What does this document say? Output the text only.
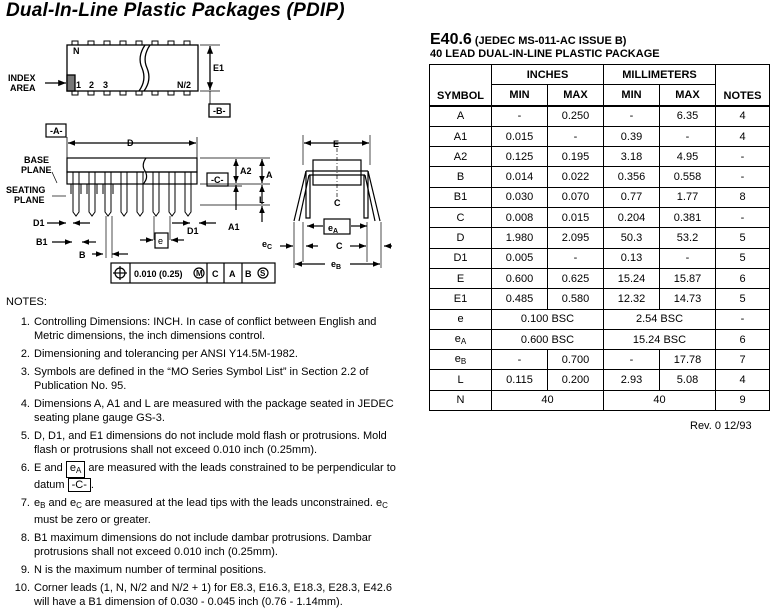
Dual-In-Line Plastic Packages (PDIP)
N
1 2 3	N/2
INDEX
AREA
E1
-B-
-A-
D
BASE
PLANE
SEATING
PLANE
-C-
A2 A
L
A1
D1
D1
B1
B
e
0.010 (0.25) M C A B S
E
C
$e_A$
$e_C$	C
$e_B$
NOTES:
1. Controlling Dimensions: INCH. In case of conflict between English and Metric dimensions, the inch dimensions control.
2. Dimensioning and tolerancing per ANSI Y14.5M-1982.
3. Symbols are defined in the “MO Series Symbol List” in Section 2.2 of Publication No. 95.
4. Dimensions A, A1 and L are measured with the package seated in JEDEC seating plane gauge GS-3.
5. D, D1, and E1 dimensions do not include mold flash or protrusions. Mold flash or protrusions shall not exceed 0.010 inch (0.25mm).
6. E and $e_A$ are measured with the leads constrained to be perpendicular to datum -C- .
7. $e_B$ and $e_C$ are measured at the lead tips with the leads unconstrained. $e_C$ must be zero or greater.
8. B1 maximum dimensions do not include dambar protrusions. Dambar protrusions shall not exceed 0.010 inch (0.25mm).
9. N is the maximum number of terminal positions.
10. Corner leads (1, N, N/2 and N/2 + 1) for E8.3, E16.3, E18.3, E28.3, E42.6 will have a B1 dimension of 0.030 - 0.045 inch (0.76 - 1.14mm).
E40.6 (JEDEC MS-011-AC ISSUE B)
40 LEAD DUAL-IN-LINE PLASTIC PACKAGE
SYMBOL	INCHES		MILLIMETERS		NOTES
	MIN	MAX	MIN	MAX	
A	-	0.250	-	6.35	4
A1	0.015	-	0.39	-	4
A2	0.125	0.195	3.18	4.95	-
B	0.014	0.022	0.356	0.558	-
B1	0.030	0.070	0.77	1.77	8
C	0.008	0.015	0.204	0.381	-
D	1.980	2.095	50.3	53.2	5
D1	0.005	-	0.13	-	5
E	0.600	0.625	15.24	15.87	6
E1	0.485	0.580	12.32	14.73	5
e	0.100 BSC		2.54 BSC		-
$e_A$	0.600 BSC		15.24 BSC		6
$e_B$	-	0.700	-	17.78	7
L	0.115	0.200	2.93	5.08	4
N	40		40		9
Rev. 0 12/93
